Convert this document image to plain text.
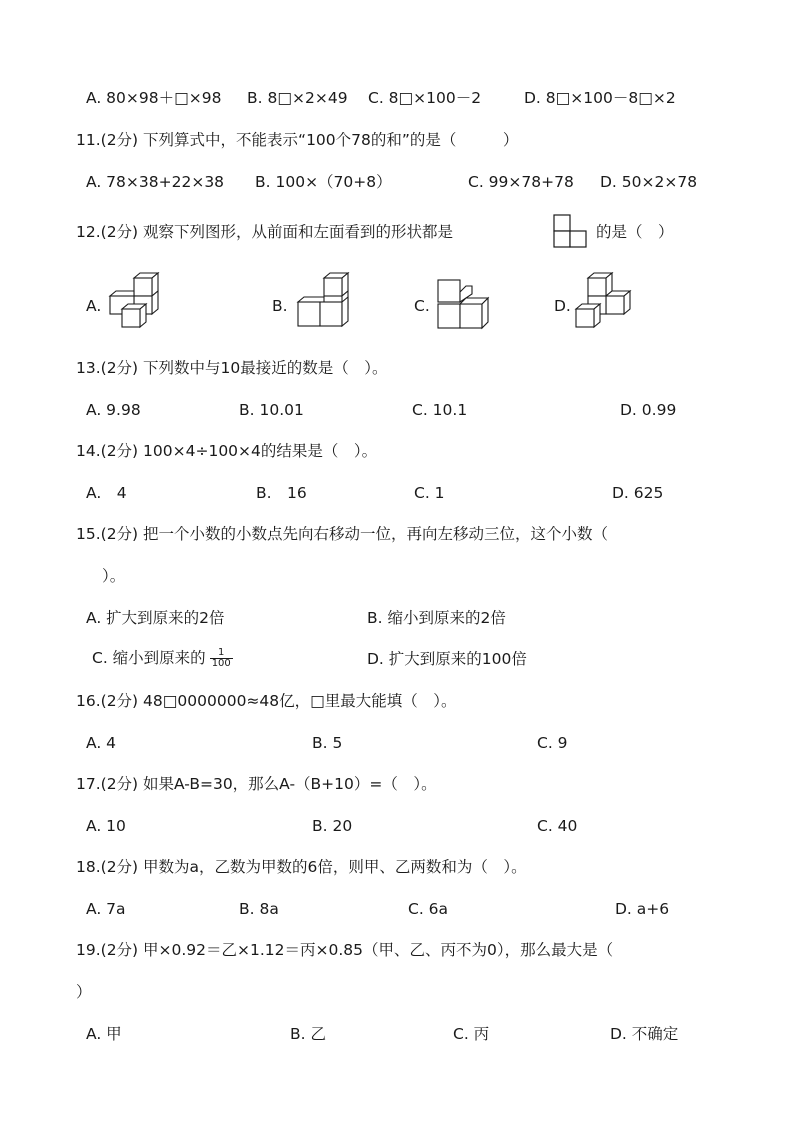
A. 80×98＋□×98 B. 8□×2×49 C. 8□×100－2	D. 8□×100－8□×2
11.(2分) 下列算式中，不能表示“100个78的和”的是（　　　）
A. 78×38+22×38 B. 100×（70+8）	C. 99×78+78 D. 50×2×78
12.(2分) 观察下列图形，从前面和左面看到的形状都是	的是（　）
A.	B.	C.	D.
13.(2分) 下列数中与10最接近的数是（　）。
A. 9.98	B. 10.01	C. 10.1	D. 0.99
14.(2分) 100×4÷100×4的结果是（　）。
A.　4	B.　16	C. 1	D. 625
15.(2分) 把一个小数的小数点先向右移动一位，再向左移动三位，这个小数（
）。
A. 扩大到原来的2倍	B. 缩小到原来的2倍
C. 缩小到原来的 $\frac{1}{100}$	D. 扩大到原来的100倍
16.(2分) 48□0000000≈48亿，□里最大能填（　）。
A. 4	B. 5	C. 9
17.(2分) 如果A-B=30，那么A-（B+10）=（　）。
A. 10	B. 20	C. 40
18.(2分) 甲数为a，乙数为甲数的6倍，则甲、乙两数和为（　）。
A. 7a	B. 8a	C. 6a	D. a+6
19.(2分) 甲×0.92＝乙×1.12＝丙×0.85（甲、乙、丙不为0），那么最大是（
）
A. 甲	B. 乙	C. 丙	D. 不确定
